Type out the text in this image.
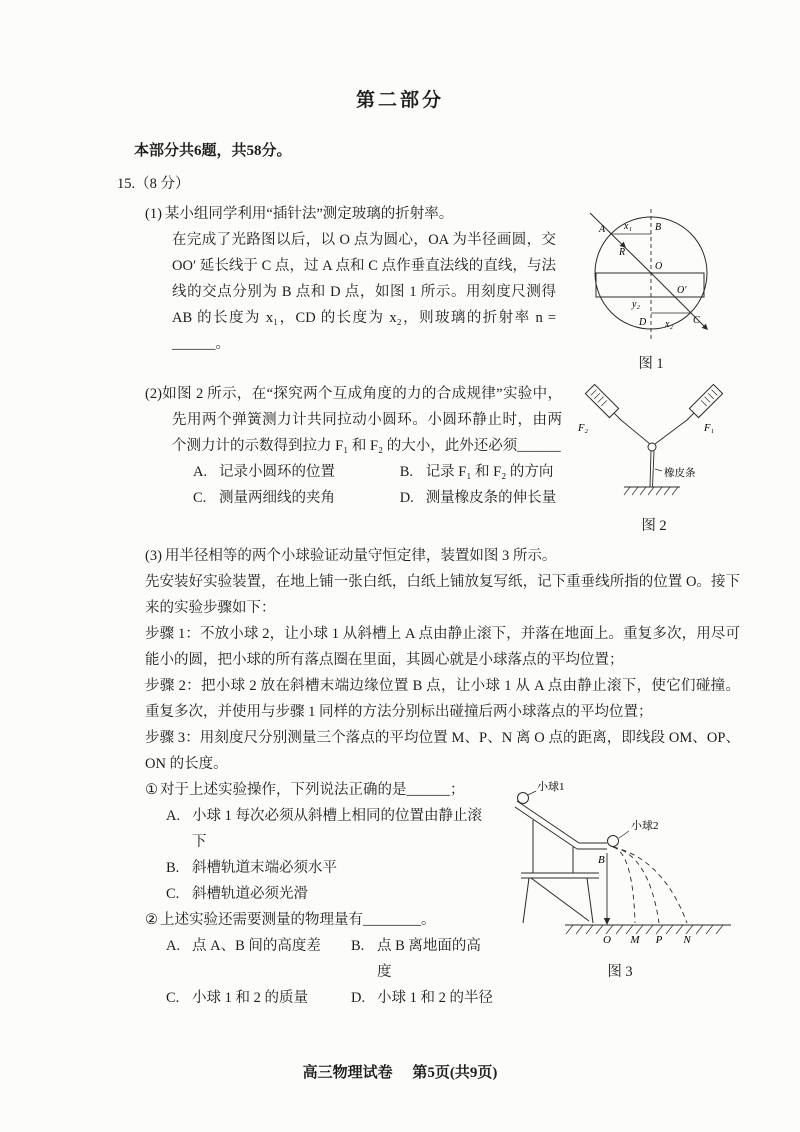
第二部分
本部分共6题，共58分。
15.（8 分）

(1) 某小组同学利用“插针法”测定玻璃的折射率。

在完成了光路图以后，以 O 点为圆心，OA 为半径画圆，交 OO′ 延长线于 C 点，过 A 点和 C 点作垂直法线的直线，与法线的交点分别为 B 点和 D 点，如图 1 所示。用刻度尺测得 AB 的长度为 x₁，CD 的长度为 x₂，则玻璃的折射率 n = ______。

x₁ B
A
R
O
O′
y₂
D x₂ C
图 1

(2)如图 2 所示，在“探究两个互成角度的力的合成规律”实验中，先用两个弹簧测力计共同拉动小圆环。小圆环静止时，由两个测力计的示数得到拉力 F₁ 和 F₂ 的大小，此外还必须______

A. 记录小圆环的位置	B. 记录 F₁ 和 F₂ 的方向
C. 测量两细线的夹角	D. 测量橡皮条的伸长量
F₂	F₁
橡皮条
图 2

(3) 用半径相等的两个小球验证动量守恒定律，装置如图 3 所示。

先安装好实验装置，在地上铺一张白纸，白纸上铺放复写纸，记下重垂线所指的位置 O。接下来的实验步骤如下：

步骤 1：不放小球 2，让小球 1 从斜槽上 A 点由静止滚下，并落在地面上。重复多次，用尽可能小的圆，把小球的所有落点圈在里面，其圆心就是小球落点的平均位置；

步骤 2：把小球 2 放在斜槽末端边缘位置 B 点，让小球 1 从 A 点由静止滚下，使它们碰撞。重复多次，并使用与步骤 1 同样的方法分别标出碰撞后两小球落点的平均位置；

步骤 3：用刻度尺分别测量三个落点的平均位置 M、P、N 离 O 点的距离，即线段 OM、OP、ON 的长度。

① 对于上述实验操作，下列说法正确的是______；

A. 小球 1 每次必须从斜槽上相同的位置由静止滚下
B. 斜槽轨道末端必须水平
C. 斜槽轨道必须光滑

② 上述实验还需要测量的物理量有________。

A. 点 A、B 间的高度差	B. 点 B 离地面的高度
C. 小球 1 和 2 的质量	D. 小球 1 和 2 的半径
小球1
小球2
B
O M P N
图 3
高三物理试卷 第5页(共9页)
